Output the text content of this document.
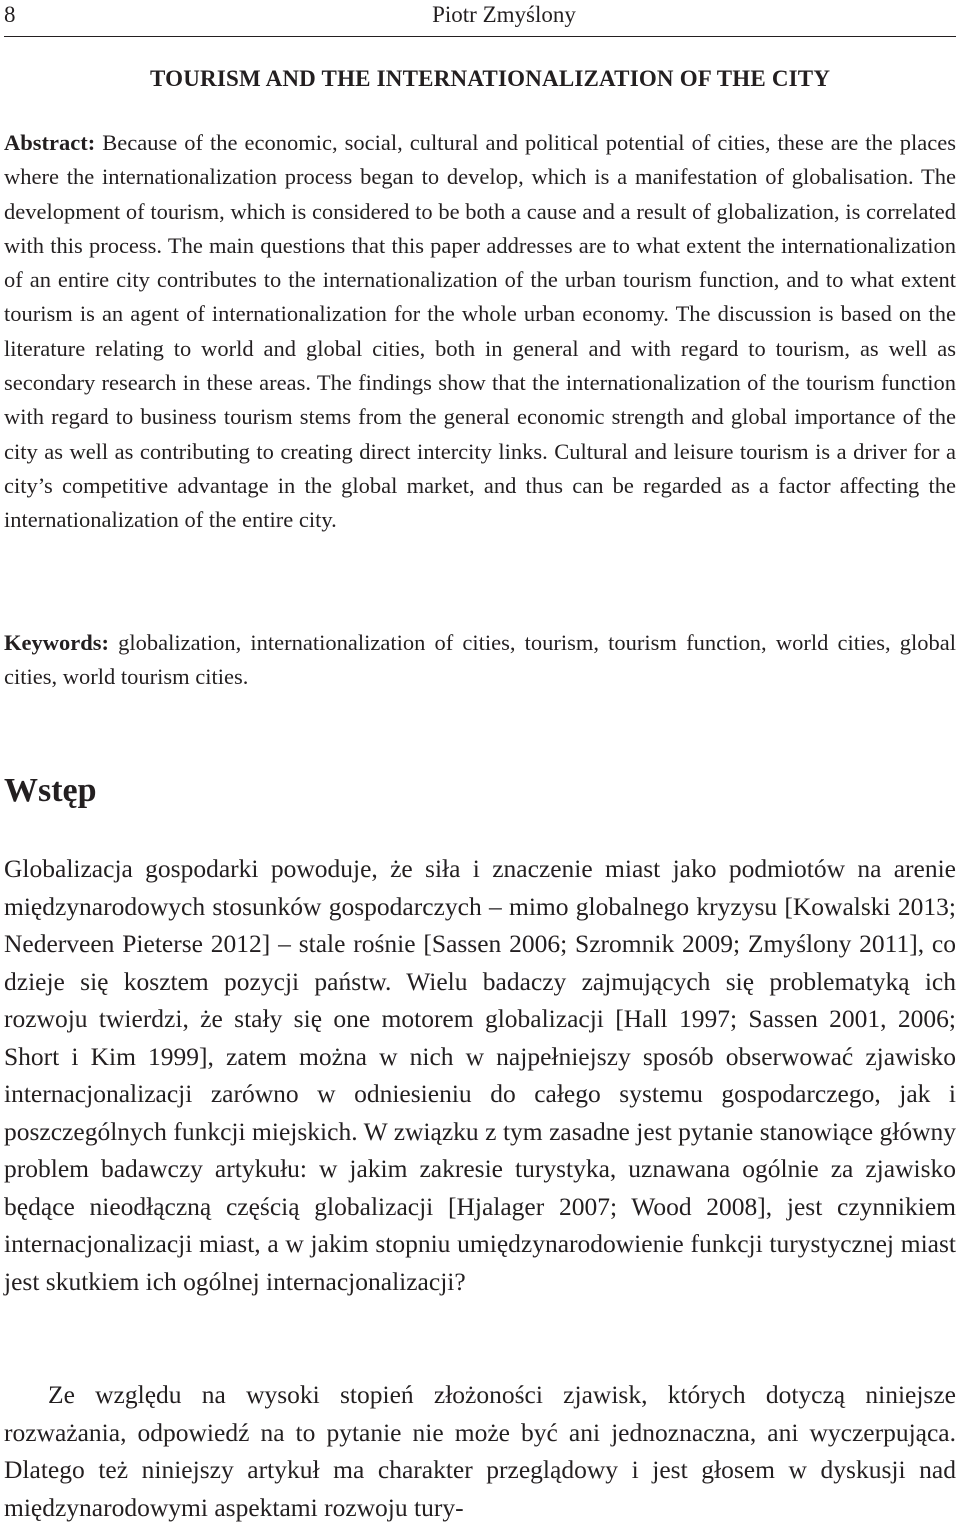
8	Piotr Zmyślony
TOURISM AND THE INTERNATIONALIZATION OF THE CITY
Abstract: Because of the economic, social, cultural and political potential of cities, these are the places where the internationalization process began to develop, which is a manifestation of globalisation. The development of tourism, which is considered to be both a cause and a result of globalization, is correlated with this process. The main questions that this paper addresses are to what extent the internationalization of an entire city contributes to the internationalization of the urban tourism function, and to what extent tourism is an agent of internationalization for the whole urban economy. The discussion is based on the literature relating to world and global cities, both in general and with regard to tourism, as well as secondary research in these areas. The findings show that the internationalization of the tourism function with regard to business tourism stems from the general economic strength and global importance of the city as well as contributing to creating direct intercity links. Cultural and leisure tourism is a driver for a city’s competitive advantage in the global market, and thus can be regarded as a factor affecting the internationalization of the entire city.
Keywords: globalization, internationalization of cities, tourism, tourism function, world cities, global cities, world tourism cities.
Wstęp

Globalizacja gospodarki powoduje, że siła i znaczenie miast jako podmiotów na arenie międzynarodowych stosunków gospodarczych – mimo globalnego kryzysu [Kowalski 2013; Nederveen Pieterse 2012] – stale rośnie [Sassen 2006; Szromnik 2009; Zmyślony 2011], co dzieje się kosztem pozycji państw. Wielu badaczy zajmujących się problematyką ich rozwoju twierdzi, że stały się one motorem globalizacji [Hall 1997; Sassen 2001, 2006; Short i Kim 1999], zatem można w nich w najpełniejszy sposób obserwować zjawisko internacjonalizacji zarówno w odniesieniu do całego systemu gospodarczego, jak i poszczególnych funkcji miejskich. W związku z tym zasadne jest pytanie stanowiące główny problem badawczy artykułu: w jakim zakresie turystyka, uznawana ogólnie za zjawisko będące nieodłączną częścią globalizacji [Hjalager 2007; Wood 2008], jest czynnikiem internacjonalizacji miast, a w jakim stopniu umiędzynarodowienie funkcji turystycznej miast jest skutkiem ich ogólnej internacjonalizacji?

Ze względu na wysoki stopień złożoności zjawisk, których dotyczą niniejsze rozważania, odpowiedź na to pytanie nie może być ani jednoznaczna, ani wyczerpująca. Dlatego też niniejszy artykuł ma charakter przeglądowy i jest głosem w dyskusji nad międzynarodowymi aspektami rozwoju tury-
